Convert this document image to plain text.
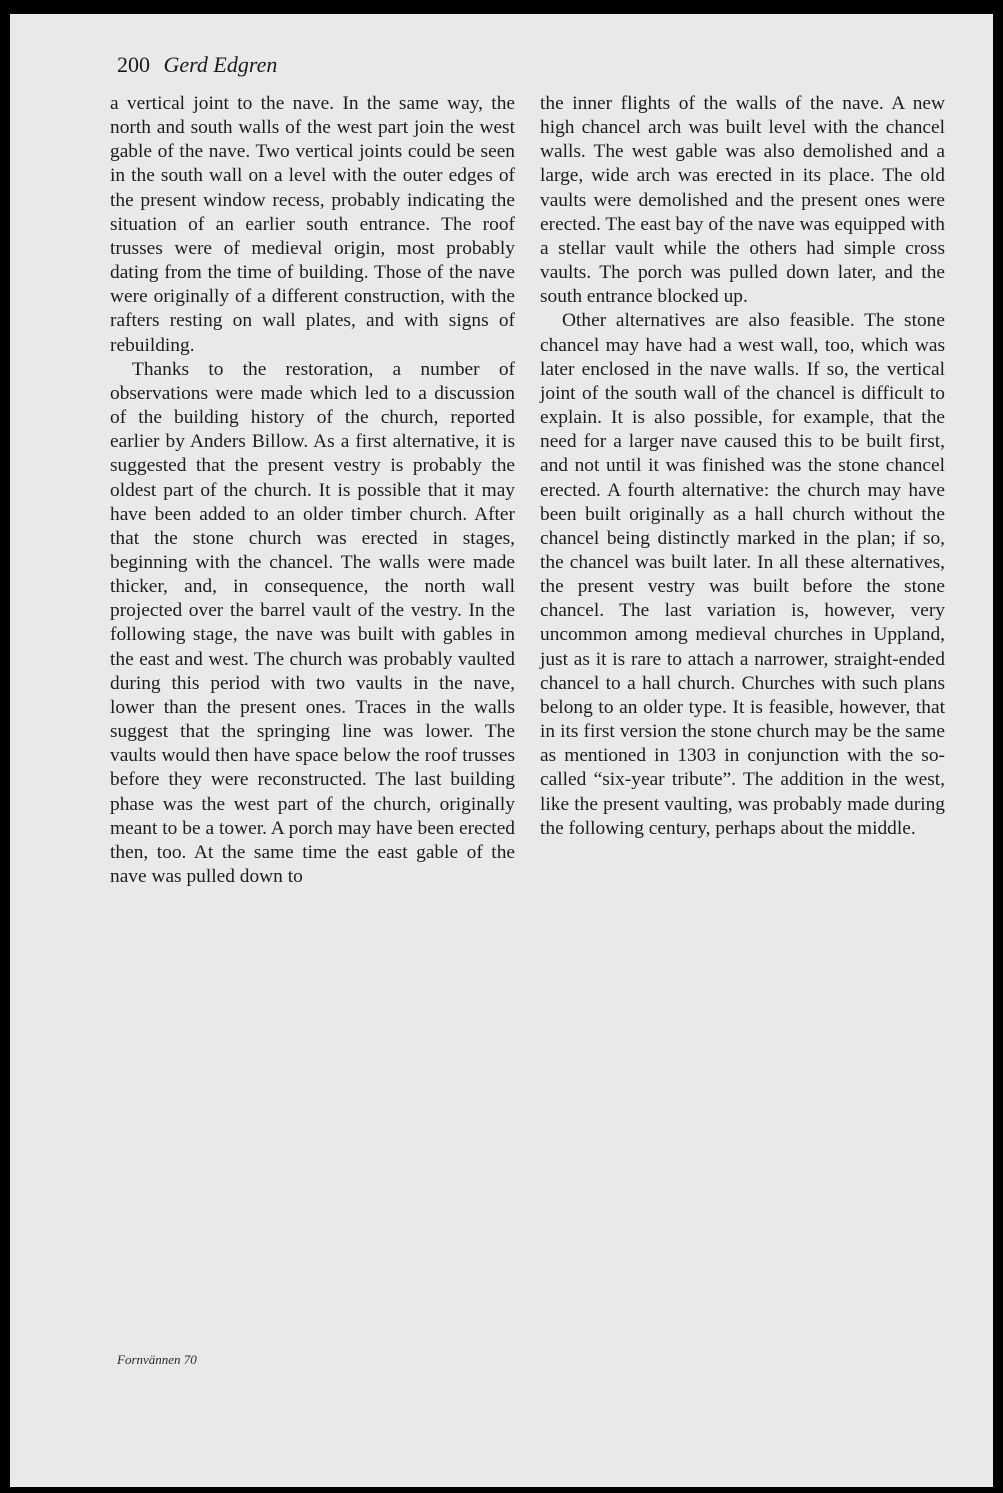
200 Gerd Edgren

a vertical joint to the nave. In the same way, the north and south walls of the west part join the west gable of the nave. Two vertical joints could be seen in the south wall on a level with the outer edges of the present window recess, probably indicating the situation of an earlier south entrance. The roof trusses were of medieval origin, most probably dating from the time of building. Those of the nave were originally of a different construction, with the rafters resting on wall plates, and with signs of rebuilding.

Thanks to the restoration, a number of observations were made which led to a discussion of the building history of the church, reported earlier by Anders Billow. As a first alternative, it is suggested that the present vestry is probably the oldest part of the church. It is possible that it may have been added to an older timber church. After that the stone church was erected in stages, beginning with the chancel. The walls were made thicker, and, in consequence, the north wall projected over the barrel vault of the vestry. In the following stage, the nave was built with gables in the east and west. The church was probably vaulted during this period with two vaults in the nave, lower than the present ones. Traces in the walls suggest that the springing line was lower. The vaults would then have space below the roof trusses before they were reconstructed. The last building phase was the west part of the church, originally meant to be a tower. A porch may have been erected then, too. At the same time the east gable of the nave was pulled down to

the inner flights of the walls of the nave. A new high chancel arch was built level with the chancel walls. The west gable was also demolished and a large, wide arch was erected in its place. The old vaults were demolished and the present ones were erected. The east bay of the nave was equipped with a stellar vault while the others had simple cross vaults. The porch was pulled down later, and the south entrance blocked up.

Other alternatives are also feasible. The stone chancel may have had a west wall, too, which was later enclosed in the nave walls. If so, the vertical joint of the south wall of the chancel is difficult to explain. It is also possible, for example, that the need for a larger nave caused this to be built first, and not until it was finished was the stone chancel erected. A fourth alternative: the church may have been built originally as a hall church without the chancel being distinctly marked in the plan; if so, the chancel was built later. In all these alternatives, the present vestry was built before the stone chancel. The last variation is, however, very uncommon among medieval churches in Uppland, just as it is rare to attach a narrower, straight-ended chancel to a hall church. Churches with such plans belong to an older type. It is feasible, however, that in its first version the stone church may be the same as mentioned in 1303 in conjunction with the so-called “six-year tribute”. The addition in the west, like the present vaulting, was probably made during the following century, perhaps about the middle.

Fornvännen 70
